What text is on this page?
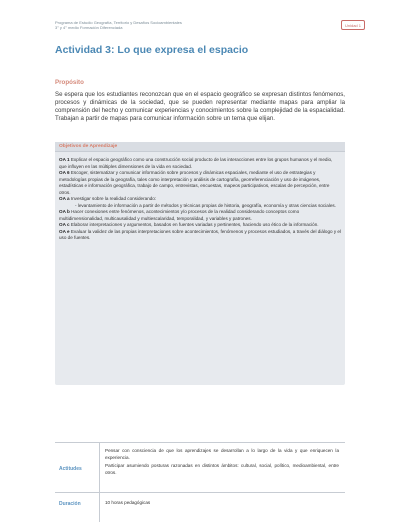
Programa de Estudio Geografía, Territorio y Desafíos Socioambientales
3° y 4° medio Formación Diferenciada	Unidad 1
Actividad 3: Lo que expresa el espacio
Propósito
Se espera que los estudiantes reconozcan que en el espacio geográfico se expresan distintos fenómenos, procesos y dinámicas de la sociedad, que se pueden representar mediante mapas para ampliar la comprensión del hecho y comunicar experiencias y conocimientos sobre la complejidad de la espacialidad. Trabajan a partir de mapas para comunicar información sobre un tema que elijan.
Objetivos de Aprendizaje
OA 1 Explicar el espacio geográfico como una construcción social producto de las interacciones entre los grupos humanos y el medio, que influyen en las múltiples dimensiones de la vida en sociedad.
OA 6 Escoger, sistematizar y comunicar información sobre procesos y dinámicas espaciales, mediante el uso de estrategias y metodologías propias de la geografía, tales como interpretación y análisis de cartografía, georreferenciación y uso de imágenes, estadísticas e información geográfica, trabajo de campo, entrevistas, encuestas, mapeos participativos, escalas de percepción, entre otros.
OA a Investigar sobre la realidad considerando:
- levantamiento de información a partir de métodos y técnicas propias de historia, geografía, economía y otras ciencias sociales.
OA b Hacer conexiones entre fenómenos, acontecimientos y/o procesos de la realidad considerando conceptos como multidimensionalidad, multicausalidad y multiescalaridad, temporalidad, y variables y patrones.
OA c Elaborar interpretaciones y argumentos, basados en fuentes variadas y pertinentes, haciendo uso ético de la información.
OA e Evaluar la validez de las propias interpretaciones sobre acontecimientos, fenómenos y procesos estudiados, a través del diálogo y el uso de fuentes.
Actitudes

Pensar con consciencia de que los aprendizajes se desarrollan a lo largo de la vida y que enriquecen la experiencia.

Participar asumiendo posturas razonadas en distintos ámbitos: cultural, social, político, medioambiental, entre otros.

Duración	10 horas pedagógicas
